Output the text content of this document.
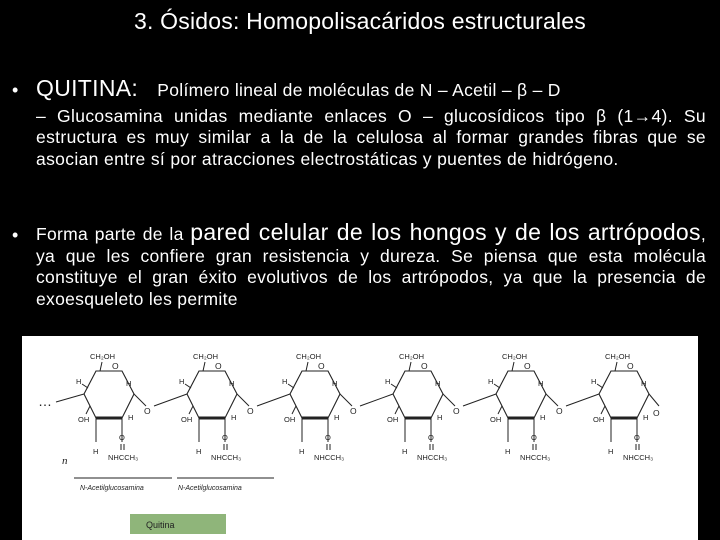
3. Ósidos: Homopolisacáridos estructurales
• QUITINA: Polímero lineal de moléculas de N – Acetil – β – D
– Glucosamina unidas mediante enlaces O – glucosídicos tipo β (1→4). Su estructura es muy similar a la de la celulosa al formar grandes fibras que se asocian entre sí por atracciones electrostáticas y puentes de hidrógeno.
• Forma parte de la pared celular de los hongos y de los artrópodos, ya que les confiere gran resistencia y dureza. Se piensa que esta molécula constituye el gran éxito evolutivos de los artrópodos, ya que la presencia de exoesqueleto les permite
O
CH₂OH
H
OH
H
H
H
NHCCH₃
O
O
O
CH₂OH
H
OH
H
H
H
NHCCH₃
O
O
O
CH₂OH
H
OH
H
H
H
NHCCH₃
O
O
O
CH₂OH
H
OH
H
H
H
NHCCH₃
O
O
O
CH₂OH
H
OH
H
H
H
NHCCH₃
O
O
O
CH₂OH
H
OH
H
H
H
NHCCH₃
O
…
O
n
N-Acetilglucosamina	N-Acetilglucosamina
Quitina
